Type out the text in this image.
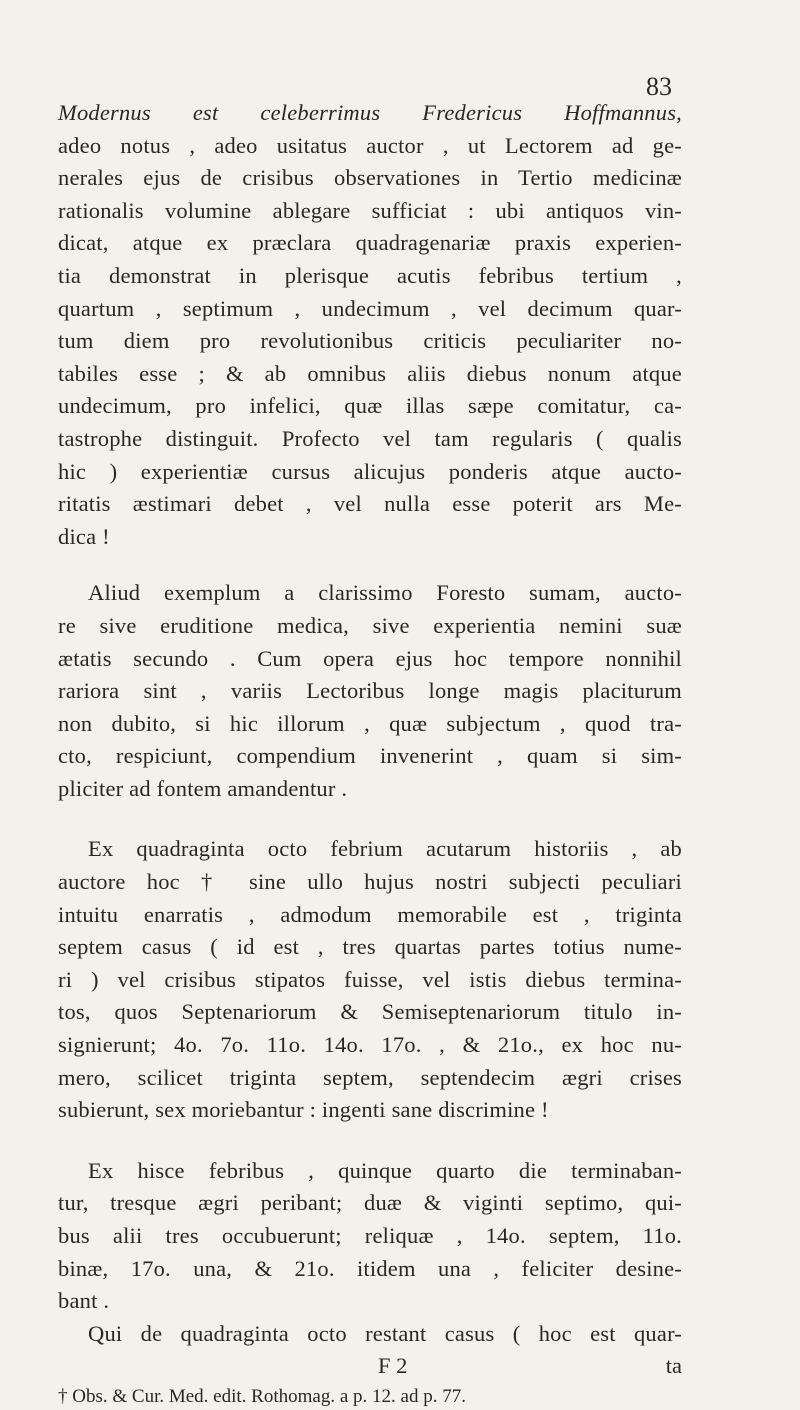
83
Modernus est celeberrimus Fredericus Hoffmannus,
adeo notus , adeo usitatus auctor , ut Lectorem ad ge-
nerales ejus de crisibus observationes in Tertio medicinæ
rationalis volumine ablegare sufficiat : ubi antiquos vin-
dicat, atque ex præclara quadragenariæ praxis experien-
tia demonstrat in plerisque acutis febribus tertium ,
quartum , septimum , undecimum , vel decimum quar-
tum diem pro revolutionibus criticis peculiariter no-
tabiles esse ; & ab omnibus aliis diebus nonum atque
undecimum, pro infelici, quæ illas sæpe comitatur, ca-
tastrophe distinguit. Profecto vel tam regularis ( qualis
hic ) experientiæ cursus alicujus ponderis atque aucto-
ritatis æstimari debet , vel nulla esse poterit ars Me-
dica !
Aliud exemplum a clarissimo Foresto sumam, aucto-
re sive eruditione medica, sive experientia nemini suæ
ætatis secundo . Cum opera ejus hoc tempore nonnihil
rariora sint , variis Lectoribus longe magis placiturum
non dubito, si hic illorum , quæ subjectum , quod tra-
cto, respiciunt, compendium invenerint , quam si sim-
pliciter ad fontem amandentur .
Ex quadraginta octo febrium acutarum historiis , ab
auctore hoc † sine ullo hujus nostri subjecti peculiari
intuitu enarratis , admodum memorabile est , triginta
septem casus ( id est , tres quartas partes totius nume-
ri ) vel crisibus stipatos fuisse, vel istis diebus termina-
tos, quos Septenariorum & Semiseptenariorum titulo in-
signierunt; 4o. 7o. 11o. 14o. 17o. , & 21o., ex hoc nu-
mero, scilicet triginta septem, septendecim ægri crises
subierunt, sex moriebantur : ingenti sane discrimine !
Ex hisce febribus , quinque quarto die terminaban-
tur, tresque ægri peribant; duæ & viginti septimo, qui-
bus alii tres occubuerunt; reliquæ , 14o. septem, 11o.
binæ, 17o. una, & 21o. itidem una , feliciter desine-
bant .
Qui de quadraginta octo restant casus ( hoc est quar-
F 2	ta
† Obs. & Cur. Med. edit. Rothomag. a p. 12. ad p. 77.
